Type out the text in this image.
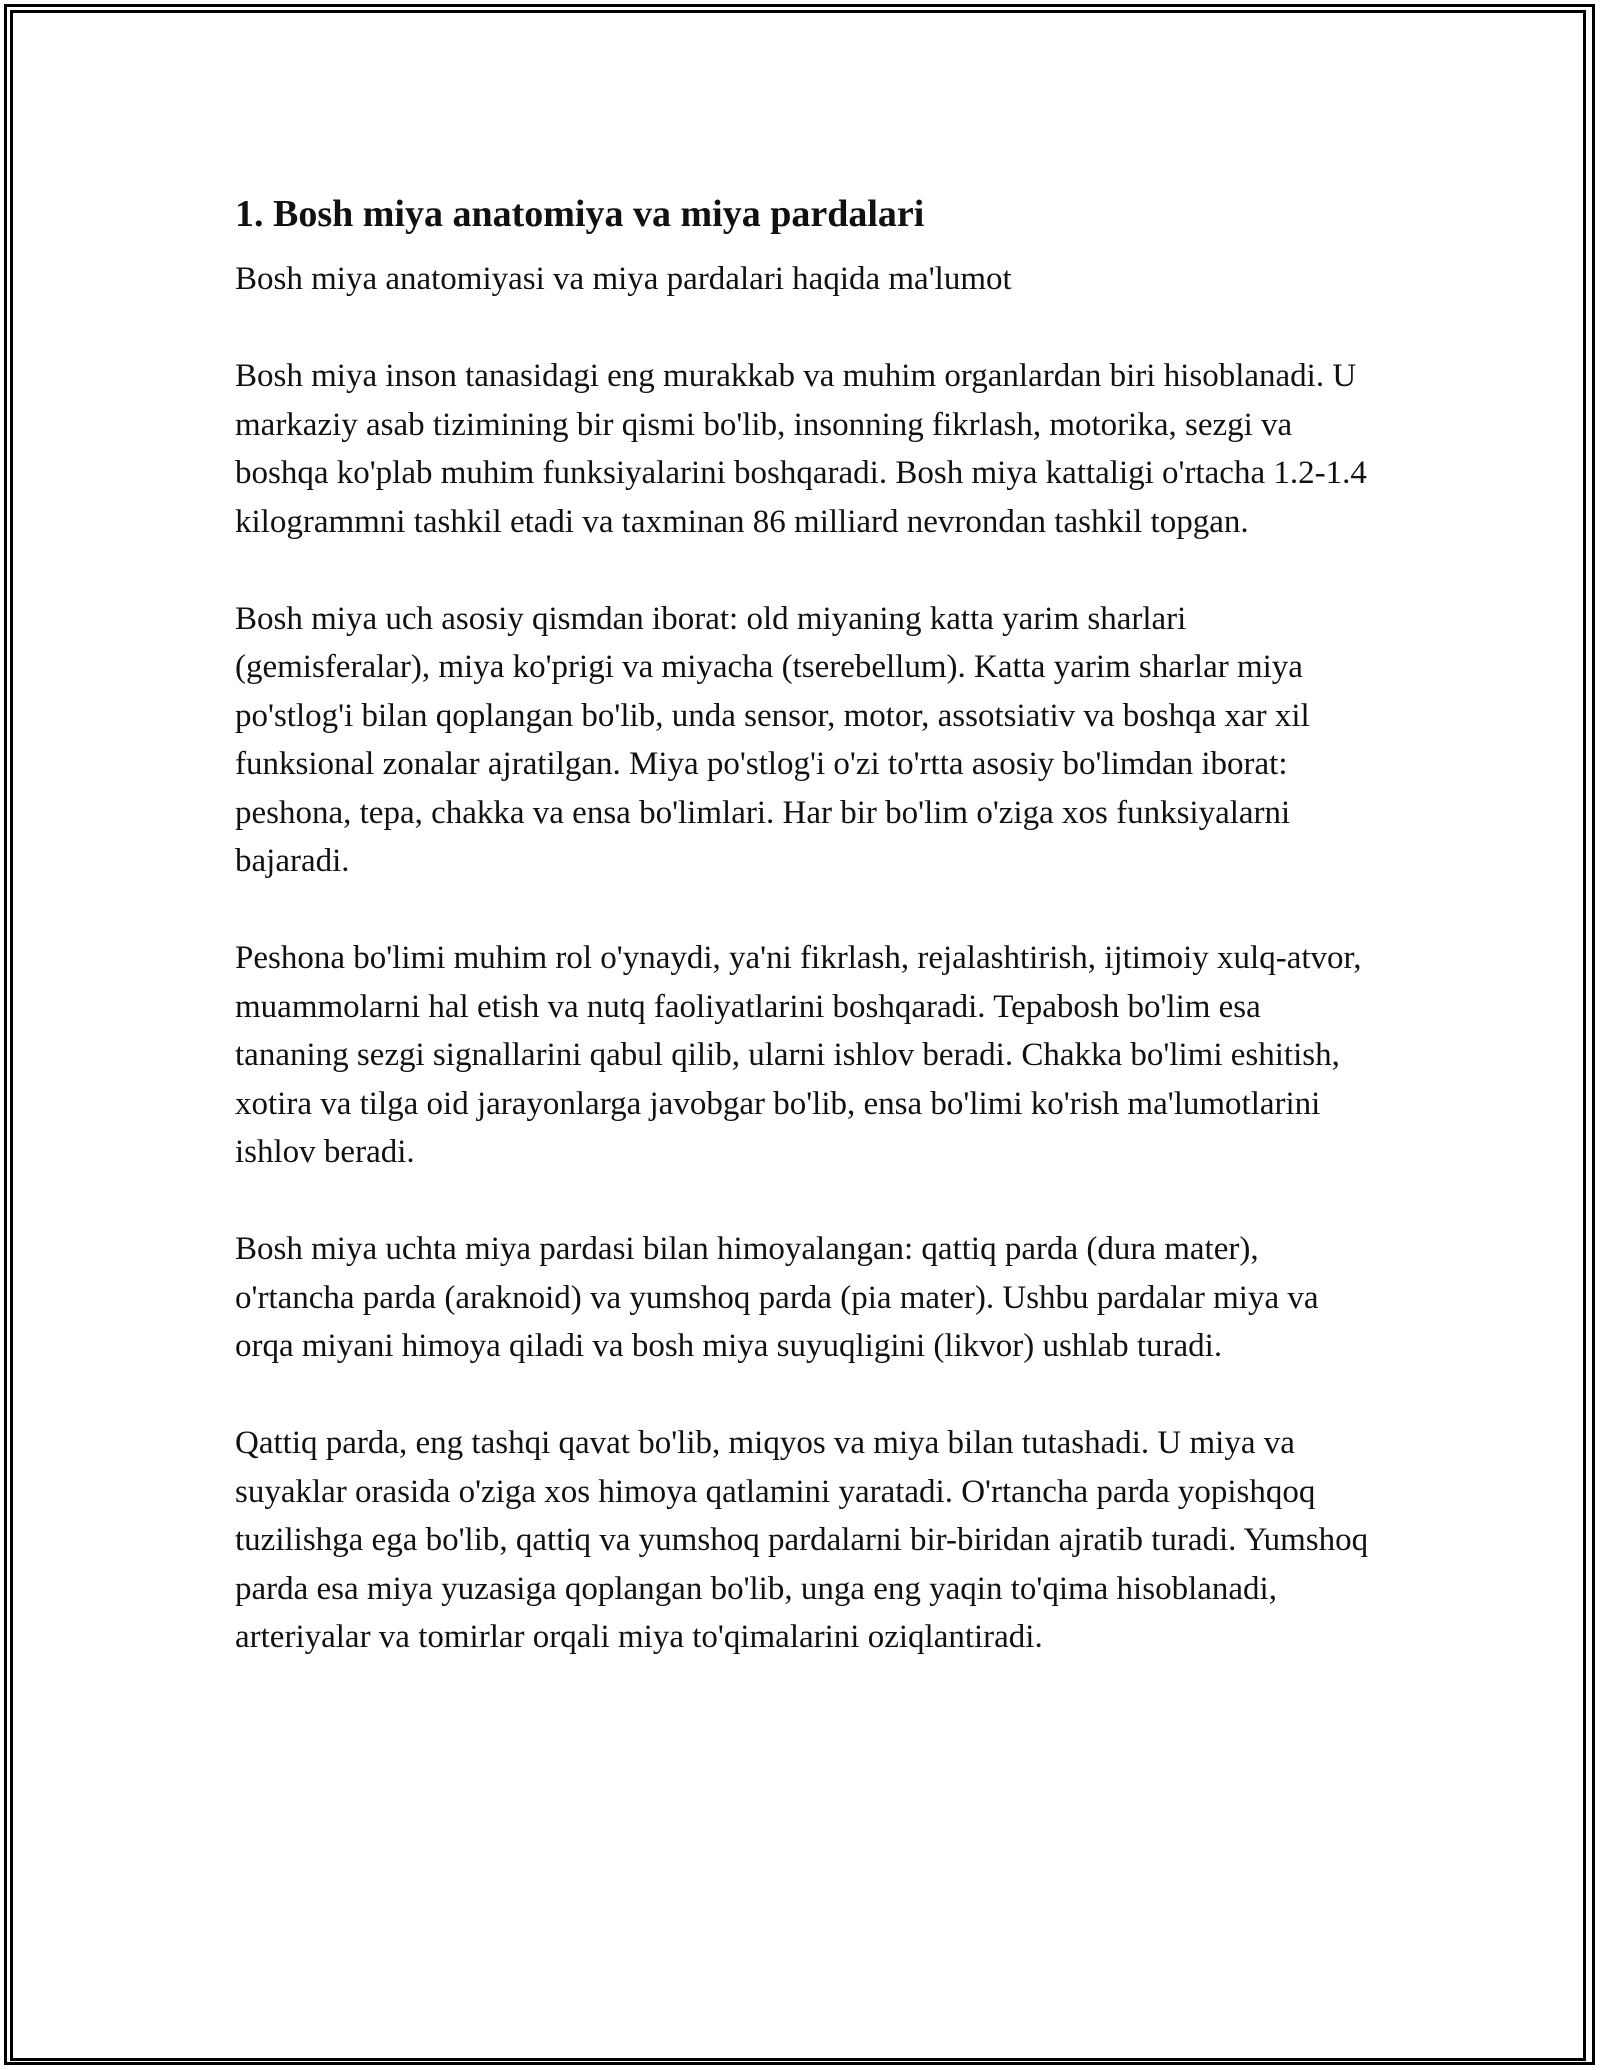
1. Bosh miya anatomiya va miya pardalari

Bosh miya anatomiyasi va miya pardalari haqida ma'lumot

Bosh miya inson tanasidagi eng murakkab va muhim organlardan biri hisoblanadi. U markaziy asab tizimining bir qismi bo'lib, insonning fikrlash, motorika, sezgi va boshqa ko'plab muhim funksiyalarini boshqaradi. Bosh miya kattaligi o'rtacha 1.2-1.4 kilogrammni tashkil etadi va taxminan 86 milliard nevrondan tashkil topgan.

Bosh miya uch asosiy qismdan iborat: old miyaning katta yarim sharlari (gemisferalar), miya ko'prigi va miyacha (tserebellum). Katta yarim sharlar miya po'stlog'i bilan qoplangan bo'lib, unda sensor, motor, assotsiativ va boshqa xar xil funksional zonalar ajratilgan. Miya po'stlog'i o'zi to'rtta asosiy bo'limdan iborat: peshona, tepa, chakka va ensa bo'limlari. Har bir bo'lim o'ziga xos funksiyalarni bajaradi.

Peshona bo'limi muhim rol o'ynaydi, ya'ni fikrlash, rejalashtirish, ijtimoiy xulq-atvor, muammolarni hal etish va nutq faoliyatlarini boshqaradi. Tepabosh bo'lim esa tananing sezgi signallarini qabul qilib, ularni ishlov beradi. Chakka bo'limi eshitish, xotira va tilga oid jarayonlarga javobgar bo'lib, ensa bo'limi ko'rish ma'lumotlarini ishlov beradi.

Bosh miya uchta miya pardasi bilan himoyalangan: qattiq parda (dura mater), o'rtancha parda (araknoid) va yumshoq parda (pia mater). Ushbu pardalar miya va orqa miyani himoya qiladi va bosh miya suyuqligini (likvor) ushlab turadi.

Qattiq parda, eng tashqi qavat bo'lib, miqyos va miya bilan tutashadi. U miya va suyaklar orasida o'ziga xos himoya qatlamini yaratadi. O'rtancha parda yopishqoq tuzilishga ega bo'lib, qattiq va yumshoq pardalarni bir-biridan ajratib turadi. Yumshoq parda esa miya yuzasiga qoplangan bo'lib, unga eng yaqin to'qima hisoblanadi, arteriyalar va tomirlar orqali miya to'qimalarini oziqlantiradi.
